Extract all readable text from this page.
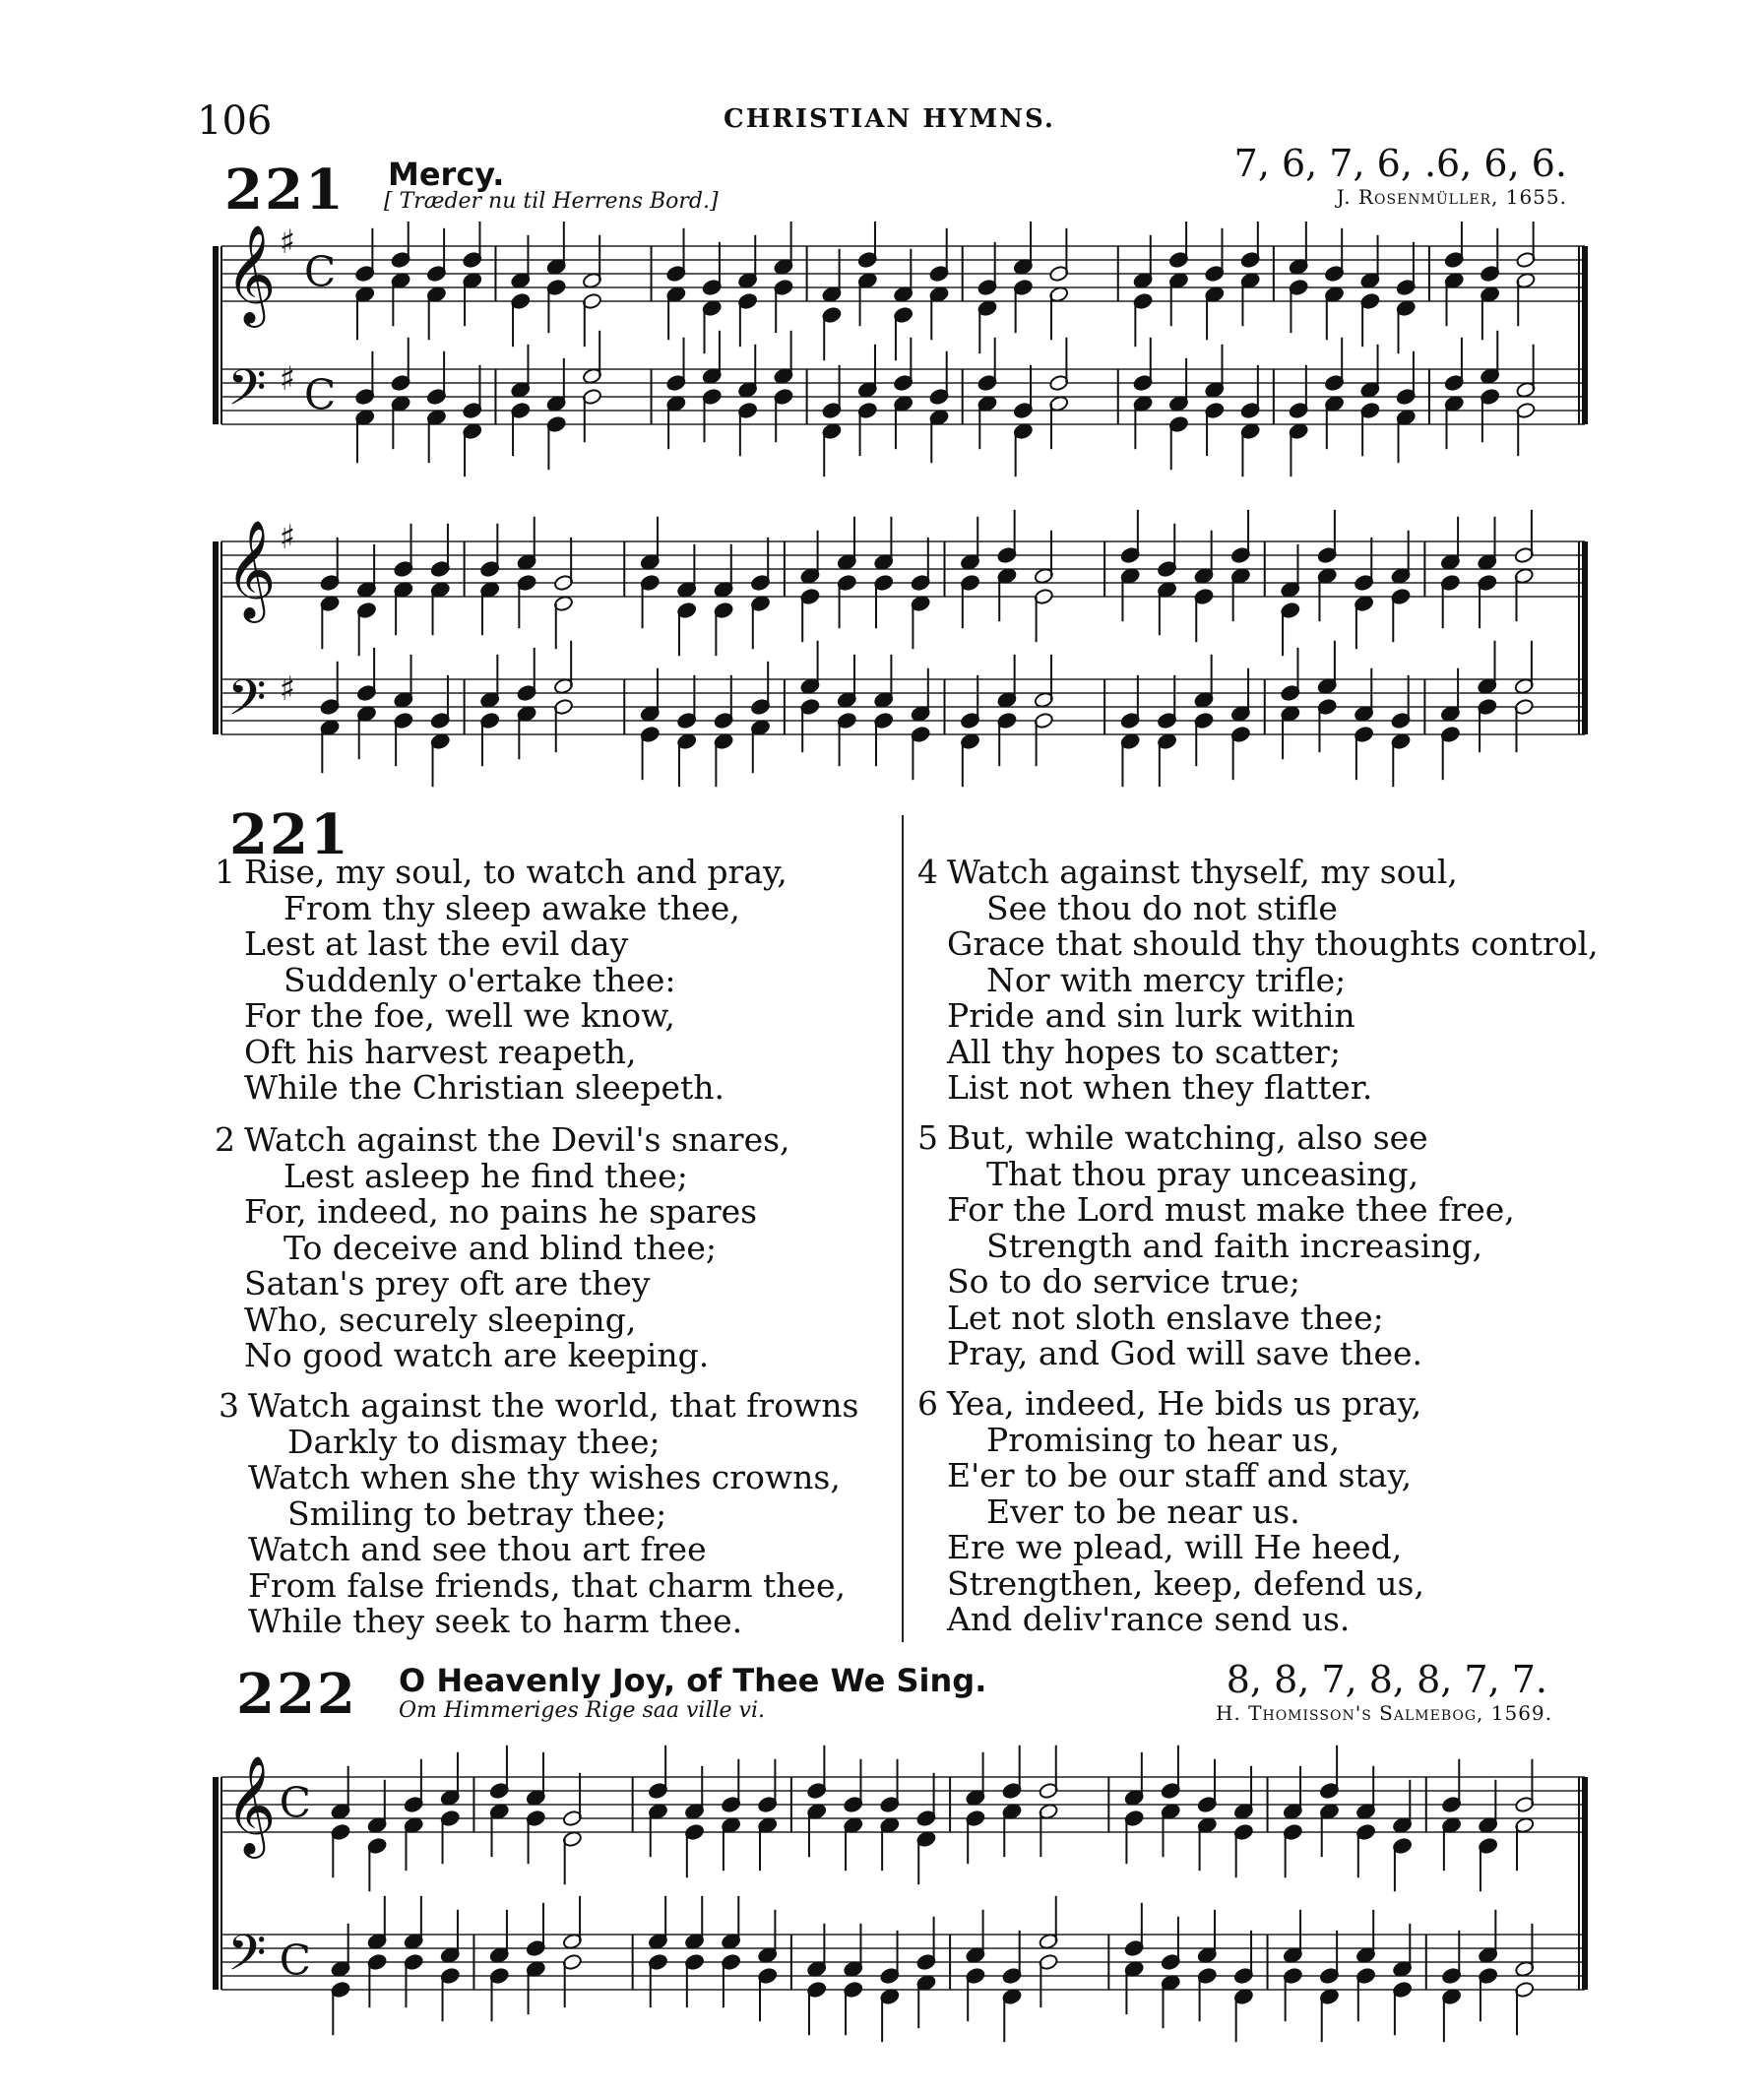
106	CHRISTIAN HYMNS.
221 Mercy.
[ Træder nu til Herrens Bord.]
7, 6, 7, 6, .6, 6, 6.
J. Rosenmüller, 1655.
𝄞
𝄢
♯
♯
C
C
𝄞
𝄢
♯
♯
221
1 Rise, my soul, to watch and pray,
From thy sleep awake thee,
Lest at last the evil day
Suddenly o'ertake thee:
For the foe, well we know,
Oft his harvest reapeth,
While the Christian sleepeth.
2 Watch against the Devil's snares,
Lest asleep he find thee;
For, indeed, no pains he spares
To deceive and blind thee;
Satan's prey oft are they
Who, securely sleeping,
No good watch are keeping.
3 Watch against the world, that frowns
Darkly to dismay thee;
Watch when she thy wishes crowns,
Smiling to betray thee;
Watch and see thou art free
From false friends, that charm thee,
While they seek to harm thee.
4 Watch against thyself, my soul,
See thou do not stifle
Grace that should thy thoughts control,
Nor with mercy trifle;
Pride and sin lurk within
All thy hopes to scatter;
List not when they flatter.
5 But, while watching, also see
That thou pray unceasing,
For the Lord must make thee free,
Strength and faith increasing,
So to do service true;
Let not sloth enslave thee;
Pray, and God will save thee.
6 Yea, indeed, He bids us pray,
Promising to hear us,
E'er to be our staff and stay,
Ever to be near us.
Ere we plead, will He heed,
Strengthen, keep, defend us,
And deliv'rance send us.
222 O Heavenly Joy, of Thee We Sing.
Om Himmeriges Rige saa ville vi.
8, 8, 7, 8, 8, 7, 7.
H. Thomisson's Salmebog, 1569.
𝄞
𝄢
C
C
